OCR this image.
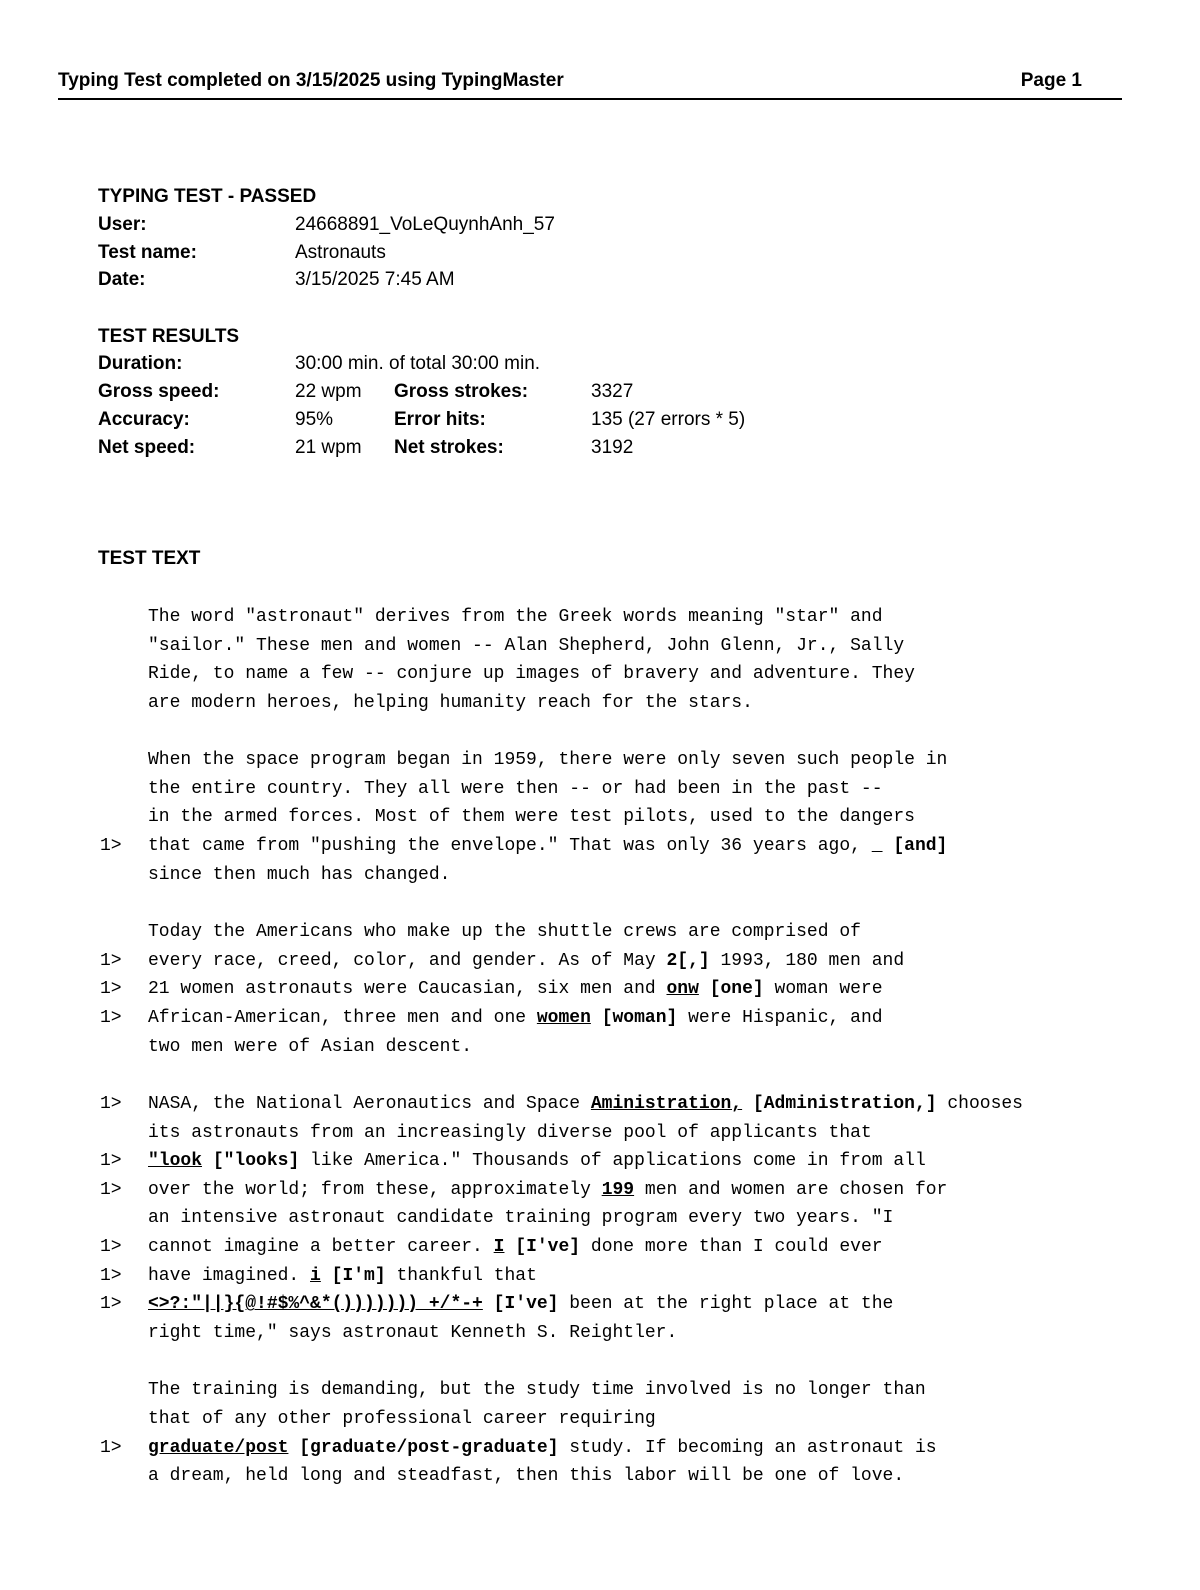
Typing Test completed on 3/15/2025 using TypingMaster	Page 1
TYPING TEST - PASSED
User:	24668891_VoLeQuynhAnh_57
Test name:	Astronauts
Date:	3/15/2025 7:45 AM
TEST RESULTS
Duration:	30:00 min. of total 30:00 min.
Gross speed:	22 wpm Gross strokes:	3327
Accuracy:	95%	Error hits:	135 (27 errors * 5)
Net speed:	21 wpm Net strokes:	3192
TEST TEXT
The word "astronaut" derives from the Greek words meaning "star" and
"sailor." These men and women -- Alan Shepherd, John Glenn, Jr., Sally
Ride, to name a few -- conjure up images of bravery and adventure. They
are modern heroes, helping humanity reach for the stars.
When the space program began in 1959, there were only seven such people in
the entire country. They all were then -- or had been in the past --
in the armed forces. Most of them were test pilots, used to the dangers
1> that came from "pushing the envelope." That was only 36 years ago,   [and]
since then much has changed.
Today the Americans who make up the shuttle crews are comprised of
1> every race, creed, color, and gender. As of May 2[,] 1993, 180 men and
1> 21 women astronauts were Caucasian, six men and onw [one] woman were
1> African-American, three men and one women [woman] were Hispanic, and
two men were of Asian descent.
1> NASA, the National Aeronautics and Space Aministration, [Administration,] chooses
its astronauts from an increasingly diverse pool of applicants that
1> "look ["looks] like America." Thousands of applications come in from all
1> over the world; from these, approximately 199 men and women are chosen for
an intensive astronaut candidate training program every two years. "I
1> cannot imagine a better career. I [I've] done more than I could ever
1> have imagined. i [I'm] thankful that
1> <>?:"||}{@!#$%^&*())))))) +/*-+ [I've] been at the right place at the
right time," says astronaut Kenneth S. Reightler.
The training is demanding, but the study time involved is no longer than
that of any other professional career requiring
1> graduate/post [graduate/post-graduate] study. If becoming an astronaut is
a dream, held long and steadfast, then this labor will be one of love.
